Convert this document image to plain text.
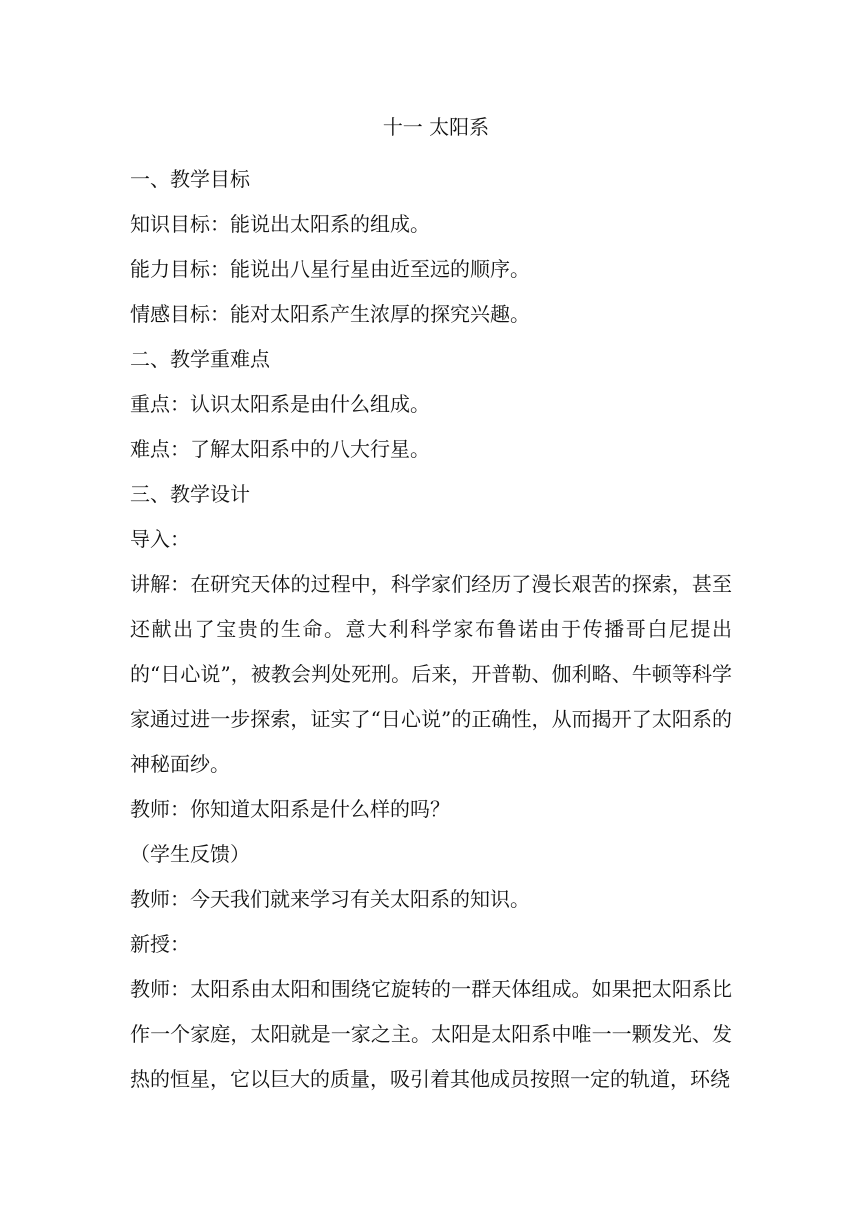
十一 太阳系

一、教学目标

知识目标：能说出太阳系的组成。

能力目标：能说出八星行星由近至远的顺序。

情感目标：能对太阳系产生浓厚的探究兴趣。

二、教学重难点

重点：认识太阳系是由什么组成。

难点：了解太阳系中的八大行星。

三、教学设计

导入：

讲解：在研究天体的过程中，科学家们经历了漫长艰苦的探索，甚至还献出了宝贵的生命。意大利科学家布鲁诺由于传播哥白尼提出的“日心说”，被教会判处死刑。后来，开普勒、伽利略、牛顿等科学家通过进一步探索，证实了“日心说”的正确性，从而揭开了太阳系的神秘面纱。

教师：你知道太阳系是什么样的吗？

（学生反馈）

教师：今天我们就来学习有关太阳系的知识。

新授：

教师：太阳系由太阳和围绕它旋转的一群天体组成。如果把太阳系比作一个家庭，太阳就是一家之主。太阳是太阳系中唯一一颗发光、发热的恒星，它以巨大的质量，吸引着其他成员按照一定的轨道，环绕
